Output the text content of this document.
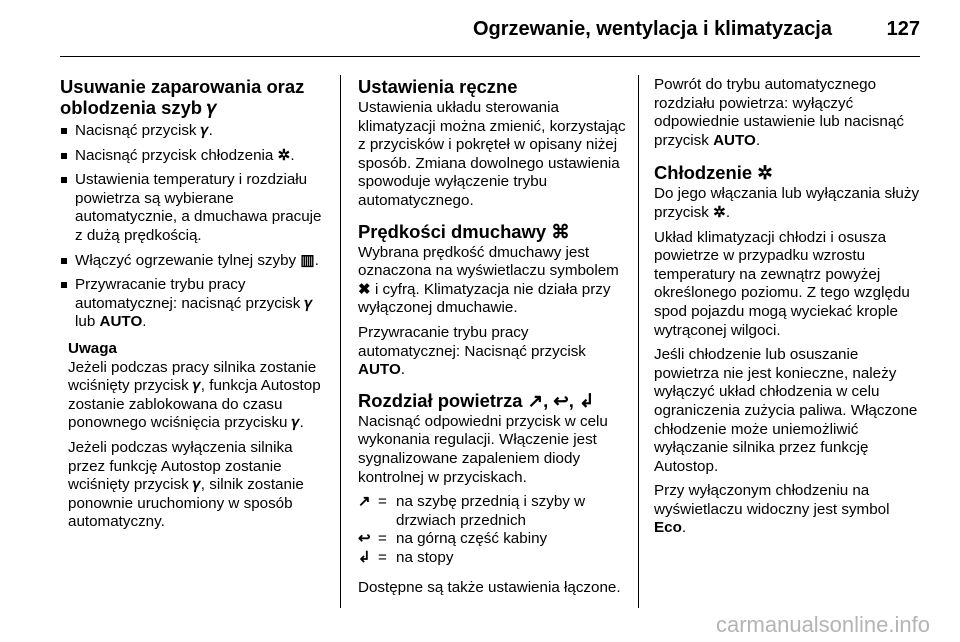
Ogrzewanie, wentylacja i klimatyzacja	127
Usuwanie zaparowania oraz oblodzenia szyb 𝛾
Nacisnąć przycisk 𝛾.
Nacisnąć przycisk chłodzenia ✲.
Ustawienia temperatury i rozdziału powietrza są wybierane automatycznie, a dmuchawa pracuje z dużą prędkością.
Włączyć ogrzewanie tylnej szyby ▥.
Przywracanie trybu pracy automatycznej: nacisnąć przycisk 𝛾 lub AUTO.
Uwaga

Jeżeli podczas pracy silnika zostanie wciśnięty przycisk 𝛾, funkcja Autostop zostanie zablokowana do czasu ponownego wciśnięcia przycisku 𝛾.

Jeżeli podczas wyłączenia silnika przez funkcję Autostop zostanie wciśnięty przycisk 𝛾, silnik zostanie ponownie uruchomiony w sposób automatyczny.

Ustawienia ręczne

Ustawienia układu sterowania klimatyzacji można zmienić, korzystając z przycisków i pokręteł w opisany niżej sposób. Zmiana dowolnego ustawienia spowoduje wyłączenie trybu automatycznego.

Prędkości dmuchawy ⌘

Wybrana prędkość dmuchawy jest oznaczona na wyświetlaczu symbolem ✖ i cyfrą. Klimatyzacja nie działa przy wyłączonej dmuchawie.

Przywracanie trybu pracy automatycznej: Nacisnąć przycisk AUTO.

Rozdział powietrza ↗, ↩, ↲

Nacisnąć odpowiedni przycisk w celu wykonania regulacji. Włączenie jest sygnalizowane zapaleniem diody kontrolnej w przyciskach.

↗	=	na szybę przednią i szyby w drzwiach przednich
↩	=	na górną część kabiny
↲	=	na stopy

Dostępne są także ustawienia łączone.

Powrót do trybu automatycznego rozdziału powietrza: wyłączyć odpowiednie ustawienie lub nacisnąć przycisk AUTO.

Chłodzenie ✲

Do jego włączania lub wyłączania służy przycisk ✲.

Układ klimatyzacji chłodzi i osusza powietrze w przypadku wzrostu temperatury na zewnątrz powyżej określonego poziomu. Z tego względu spod pojazdu mogą wyciekać krople wytrąconej wilgoci.

Jeśli chłodzenie lub osuszanie powietrza nie jest konieczne, należy wyłączyć układ chłodzenia w celu ograniczenia zużycia paliwa. Włączone chłodzenie może uniemożliwić wyłączanie silnika przez funkcję Autostop.

Przy wyłączonym chłodzeniu na wyświetlaczu widoczny jest symbol Eco.

carmanualsonline.info
